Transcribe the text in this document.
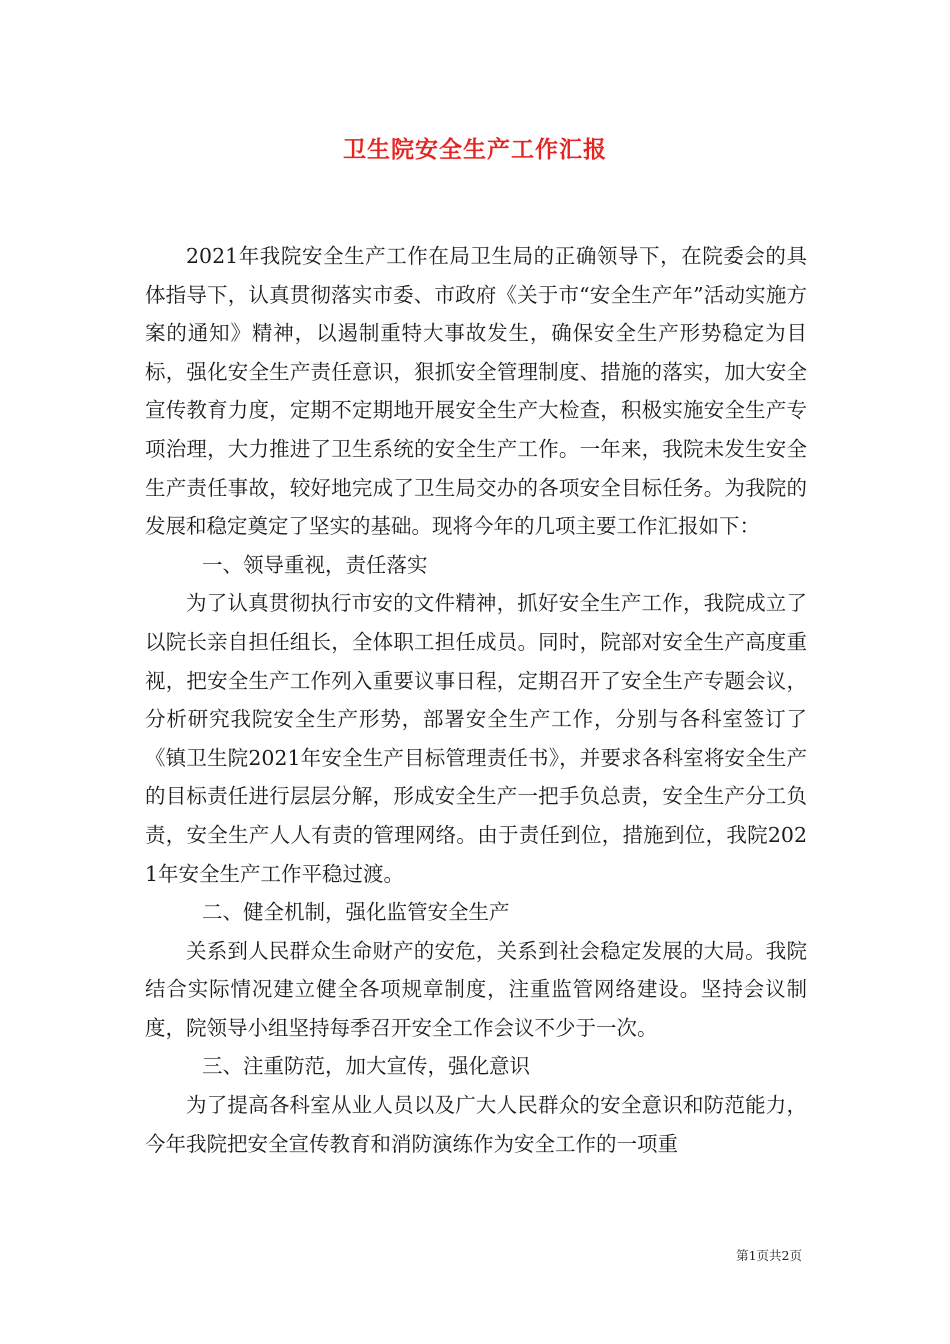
卫生院安全生产工作汇报

2021年我院安全生产工作在局卫生局的正确领导下，在院委会的具体指导下，认真贯彻落实市委、市政府《关于市“安全生产年”活动实施方案的通知》精神，以遏制重特大事故发生，确保安全生产形势稳定为目标，强化安全生产责任意识，狠抓安全管理制度、措施的落实，加大安全宣传教育力度，定期不定期地开展安全生产大检查，积极实施安全生产专项治理，大力推进了卫生系统的安全生产工作。一年来，我院未发生安全生产责任事故，较好地完成了卫生局交办的各项安全目标任务。为我院的发展和稳定奠定了坚实的基础。现将今年的几项主要工作汇报如下：

一、领导重视，责任落实

为了认真贯彻执行市安的文件精神，抓好安全生产工作，我院成立了以院长亲自担任组长，全体职工担任成员。同时，院部对安全生产高度重视，把安全生产工作列入重要议事日程，定期召开了安全生产专题会议，分析研究我院安全生产形势，部署安全生产工作，分别与各科室签订了《镇卫生院2021年安全生产目标管理责任书》，并要求各科室将安全生产的目标责任进行层层分解，形成安全生产一把手负总责，安全生产分工负责，安全生产人人有责的管理网络。由于责任到位，措施到位，我院2021年安全生产工作平稳过渡。

二、健全机制，强化监管安全生产

关系到人民群众生命财产的安危，关系到社会稳定发展的大局。我院结合实际情况建立健全各项规章制度，注重监管网络建设。坚持会议制度，院领导小组坚持每季召开安全工作会议不少于一次。

三、注重防范，加大宣传，强化意识

为了提高各科室从业人员以及广大人民群众的安全意识和防范能力，今年我院把安全宣传教育和消防演练作为安全工作的一项重

第1页共2页
